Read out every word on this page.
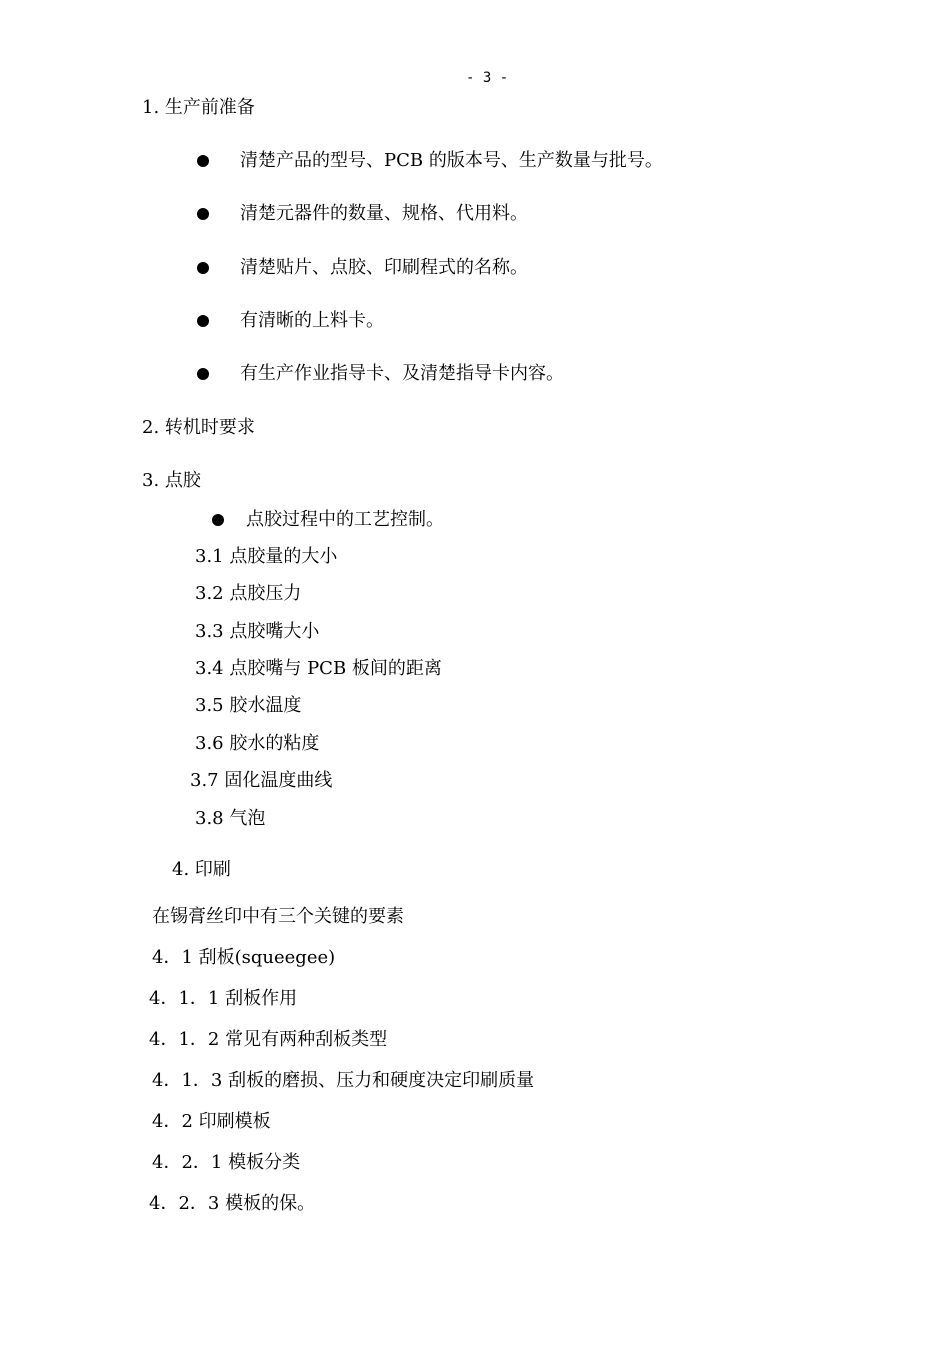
- 3 -
1. 生产前准备
清楚产品的型号、PCB 的版本号、生产数量与批号。
清楚元器件的数量、规格、代用料。
清楚贴片、点胶、印刷程式的名称。
有清晰的上料卡。
有生产作业指导卡、及清楚指导卡内容。
2. 转机时要求
3. 点胶
点胶过程中的工艺控制。
3.1 点胶量的大小
3.2 点胶压力
3.3 点胶嘴大小
3.4 点胶嘴与 PCB 板间的距离
3.5 胶水温度
3.6 胶水的粘度
3.7 固化温度曲线
3.8 气泡
4. 印刷
在锡膏丝印中有三个关键的要素
4．1 刮板(squeegee)
4．1．1 刮板作用
4．1．2 常见有两种刮板类型
4．1．3 刮板的磨损、压力和硬度决定印刷质量
4．2 印刷模板
4．2．1 模板分类
4．2．3 模板的保。
